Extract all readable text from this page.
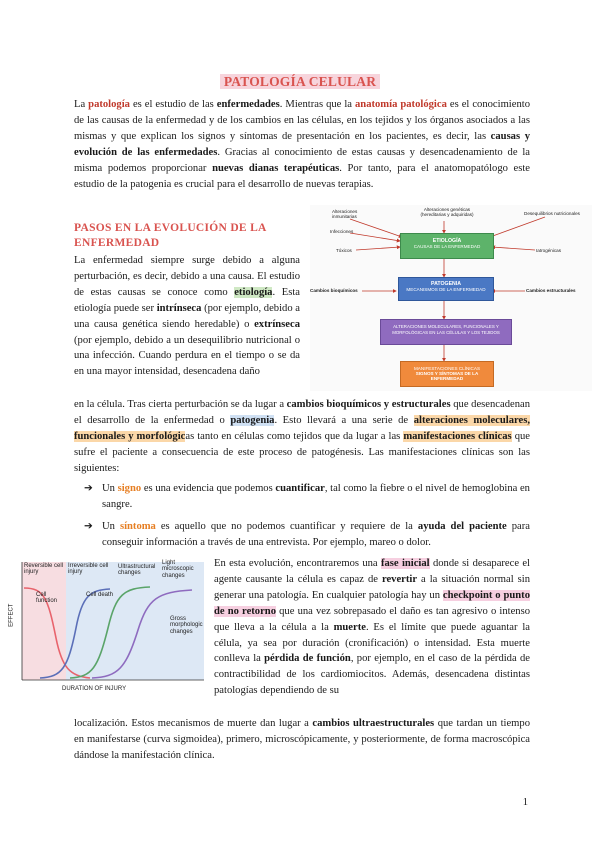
PATOLOGÍA CELULAR
La patología es el estudio de las enfermedades. Mientras que la anatomía patológica es el conocimiento de las causas de la enfermedad y de los cambios en las células, en los tejidos y los órganos asociados a las mismas y que explican los signos y síntomas de presentación en los pacientes, es decir, las causas y evolución de las enfermedades. Gracias al conocimiento de estas causas y desencadenamiento de la misma podemos proporcionar nuevas dianas terapéuticas. Por tanto, para el anatomopatólogo este estudio de la patogenia es crucial para el desarrollo de nuevas terapias.
PASOS EN LA EVOLUCIÓN DE LA ENFERMEDAD
La enfermedad siempre surge debido a alguna perturbación, es decir, debido a una causa. El estudio de estas causas se conoce como etiología. Esta etiología puede ser intrínseca (por ejemplo, debido a una causa genética siendo heredable) o extrínseca (por ejemplo, debido a un desequilibrio nutricional o una infección. Cuando perdura en el tiempo o se da en una mayor intensidad, desencadena daño
en la célula. Tras cierta perturbación se da lugar a cambios bioquímicos y estructurales que desencadenan el desarrollo de la enfermedad o patogenia. Esto llevará a una serie de alteraciones moleculares, funcionales y morfológicas tanto en células como tejidos que da lugar a las manifestaciones clínicas que sufre el paciente a consecuencia de este proceso de patogénesis. Las manifestaciones clínicas son las siguientes:
➔ Un signo es una evidencia que podemos cuantificar, tal como la fiebre o el nivel de hemoglobina en sangre.
➔ Un síntoma es aquello que no podemos cuantificar y requiere de la ayuda del paciente para conseguir información a través de una entrevista. Por ejemplo, mareo o dolor.
En esta evolución, encontraremos una fase inicial donde si desaparece el agente causante la célula es capaz de revertir a la situación normal sin generar una patología. En cualquier patología hay un checkpoint o punto de no retorno que una vez sobrepasado el daño es tan agresivo o intenso que lleva a la célula a la muerte. Es el límite que puede aguantar la célula, ya sea por duración (cronificación) o intensidad. Esta muerte conlleva la pérdida de función, por ejemplo, en el caso de la pérdida de contractibilidad de los cardiomiocitos. Además, desencadena distintas patologías dependiendo de su
localización. Estos mecanismos de muerte dan lugar a cambios ultraestructurales que tardan un tiempo en manifestarse (curva sigmoidea), primero, microscópicamente, y posteriormente, de forma macroscópica dándose la manifestación clínica.
1
Alteraciones inmunitarias
Alteraciones genéticas (hereditarias y adquiridas)	Desequilibrios nutricionales
Infecciones
Tóxicos	Iatrogénicas
ETIOLOGÍA
CAUSAS DE LA ENFERMEDAD
Cambios bioquímicos	Cambios estructurales
PATOGENIA
MECANISMOS DE LA ENFERMEDAD
ALTERACIONES MOLECULARES, FUNCIONALES Y MORFOLÓGICAS EN LAS CÉLULAS Y LOS TEJIDOS
MANIFESTACIONES CLÍNICAS
SIGNOS Y SÍNTOMAS DE LA ENFERMEDAD
Reversible cell injury
Irreversible cell injury
Ultrastructural changes
Light microscopic changes
Cell function
Cell death
Gross morphologic changes
EFFECT
DURATION OF INJURY
